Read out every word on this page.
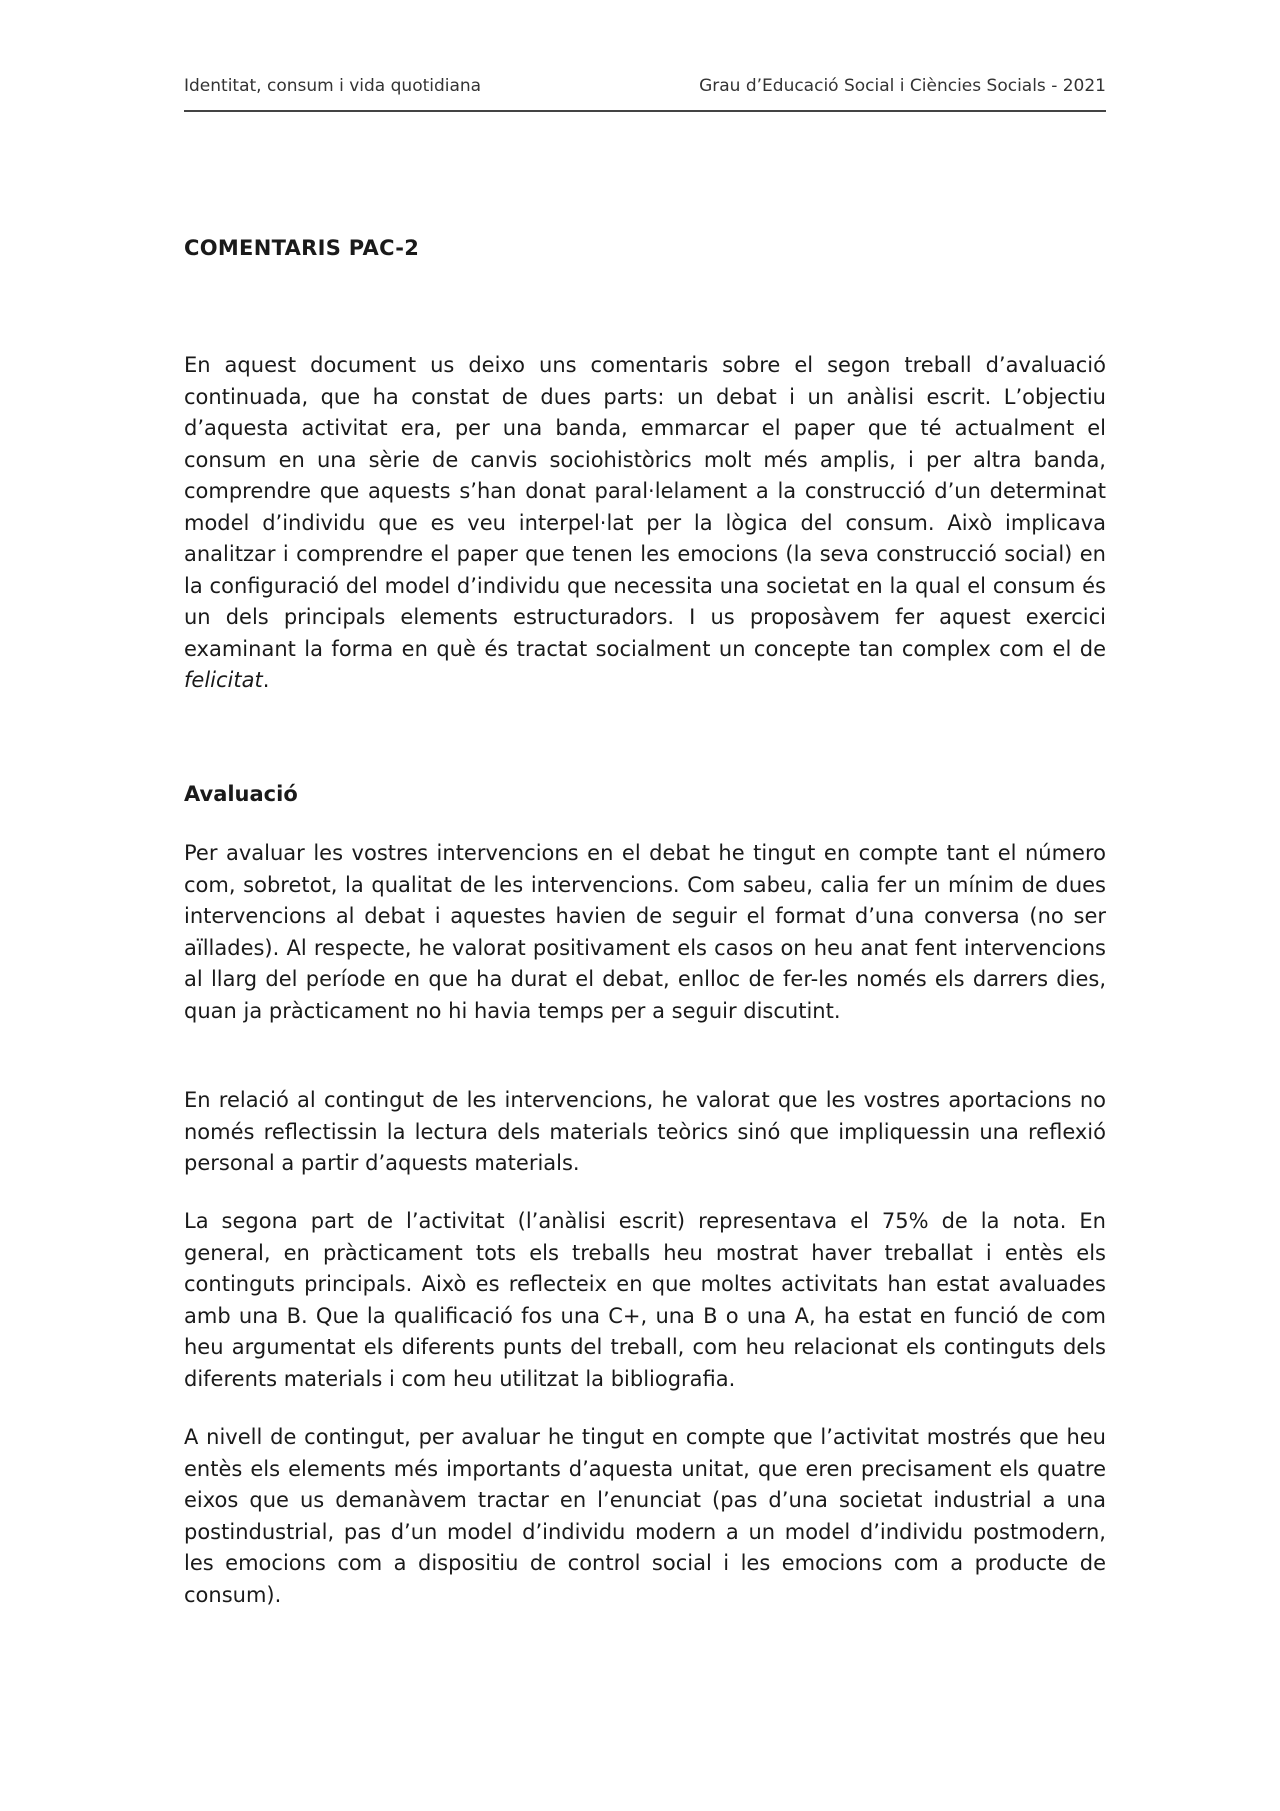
Identitat, consum i vida quotidiana	Grau d’Educació Social i Ciències Socials - 2021
COMENTARIS PAC-2

En aquest document us deixo uns comentaris sobre el segon treball d’avaluació continuada, que ha constat de dues parts: un debat i un anàlisi escrit. L’objectiu d’aquesta activitat era, per una banda, emmarcar el paper que té actualment el consum en una sèrie de canvis sociohistòrics molt més amplis, i per altra banda, comprendre que aquests s’han donat paral·lelament a la construcció d’un determinat model d’individu que es veu interpel·lat per la lògica del consum. Això implicava analitzar i comprendre el paper que tenen les emocions (la seva construcció social) en la configuració del model d’individu que necessita una societat en la qual el consum és un dels principals elements estructuradors. I us proposàvem fer aquest exercici examinant la forma en què és tractat socialment un concepte tan complex com el de felicitat.

Avaluació

Per avaluar les vostres intervencions en el debat he tingut en compte tant el número com, sobretot, la qualitat de les intervencions. Com sabeu, calia fer un mínim de dues intervencions al debat i aquestes havien de seguir el format d’una conversa (no ser aïllades). Al respecte, he valorat positivament els casos on heu anat fent intervencions al llarg del període en que ha durat el debat, enlloc de fer-les només els darrers dies, quan ja pràcticament no hi havia temps per a seguir discutint.

En relació al contingut de les intervencions, he valorat que les vostres aportacions no només reflectissin la lectura dels materials teòrics sinó que impliquessin una reflexió personal a partir d’aquests materials.

La segona part de l’activitat (l’anàlisi escrit) representava el 75% de la nota. En general, en pràcticament tots els treballs heu mostrat haver treballat i entès els continguts principals. Això es reflecteix en que moltes activitats han estat avaluades amb una B. Que la qualificació fos una C+, una B o una A, ha estat en funció de com heu argumentat els diferents punts del treball, com heu relacionat els continguts dels diferents materials i com heu utilitzat la bibliografia.

A nivell de contingut, per avaluar he tingut en compte que l’activitat mostrés que heu entès els elements més importants d’aquesta unitat, que eren precisament els quatre eixos que us demanàvem tractar en l’enunciat (pas d’una societat industrial a una postindustrial, pas d’un model d’individu modern a un model d’individu postmodern, les emocions com a dispositiu de control social i les emocions com a producte de consum).
